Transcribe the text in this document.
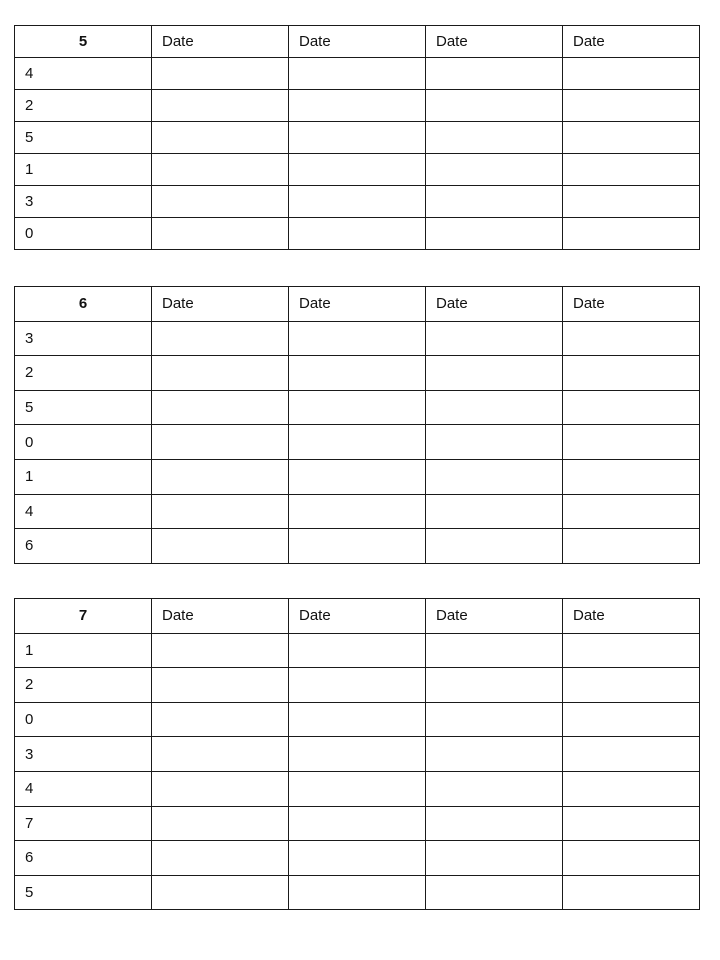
5	Date	Date	Date	Date
4				
2				
5				
1				
3				
0				
6	Date	Date	Date	Date
3				
2				
5				
0				
1				
4				
6				
7	Date	Date	Date	Date
1				
2				
0				
3				
4				
7				
6				
5				
